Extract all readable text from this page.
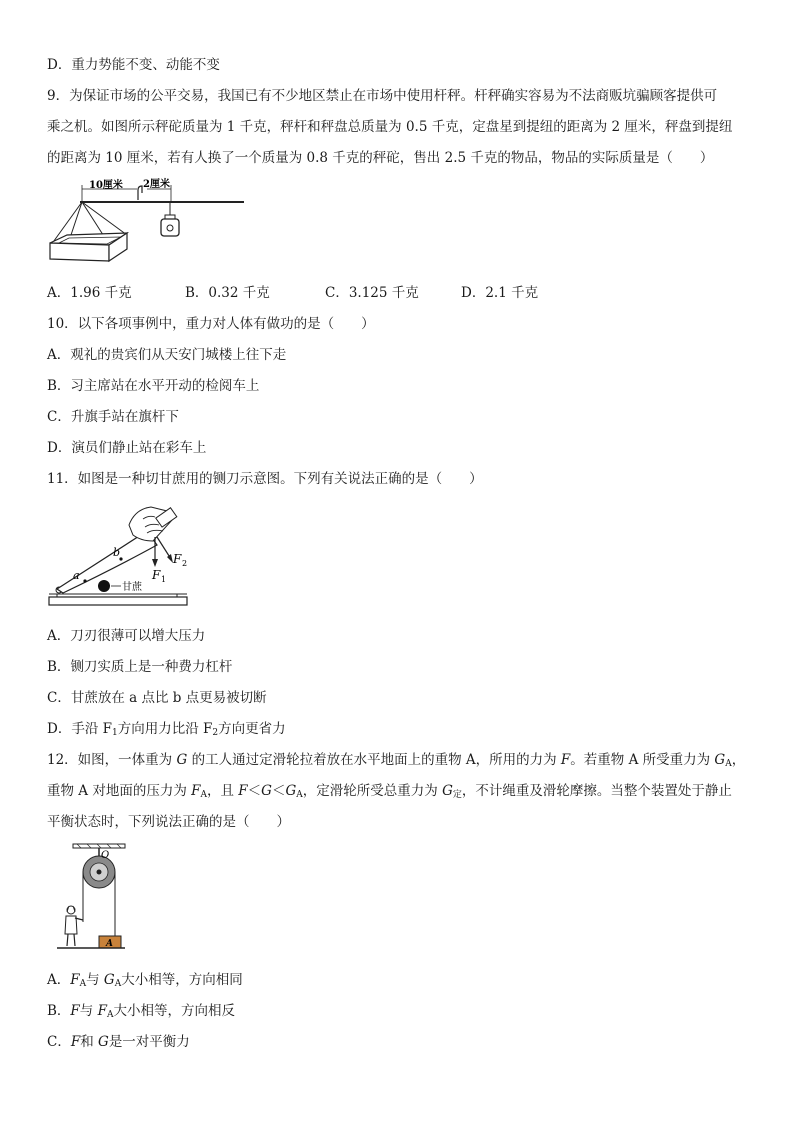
D．重力势能不变、动能不变
9．为保证市场的公平交易，我国已有不少地区禁止在市场中使用杆秤。杆秤确实容易为不法商贩坑骗顾客提供可
乘之机。如图所示秤砣质量为 1 千克，秤杆和秤盘总质量为 0.5 千克，定盘星到提纽的距离为 2 厘米，秤盘到提纽
的距离为 10 厘米，若有人换了一个质量为 0.8 千克的秤砣，售出 2.5 千克的物品，物品的实际质量是（　　）
10厘米 2厘米
A．1.96 千克	B．0.32 千克	C．3.125 千克	D．2.1 千克
10．以下各项事例中，重力对人体有做功的是（　　）
A．观礼的贵宾们从天安门城楼上往下走
B．习主席站在水平开动的检阅车上
C．升旗手站在旗杆下
D．演员们静止站在彩车上
11．如图是一种切甘蔗用的铡刀示意图。下列有关说法正确的是（　　）
甘蔗
a
b
F 1
F 2
A．刀刃很薄可以增大压力
B．铡刀实质上是一种费力杠杆
C．甘蔗放在 a 点比 b 点更易被切断
D．手沿 $F_1$方向用力比沿 $F_2$方向更省力
12．如图，一体重为 G 的工人通过定滑轮拉着放在水平地面上的重物 A，所用的力为 F。若重物 A 所受重力为 $G_A$，
重物 A 对地面的压力为 $F_A$，且 $F<G<G_A$，定滑轮所受总重力为 $G_定$，不计绳重及滑轮摩擦。当整个装置处于静止
平衡状态时，下列说法正确的是（　　）
O
A
A．$F_A$与 $G_A$大小相等，方向相同
B．F与 $F_A$大小相等，方向相反
C．F和 G是一对平衡力
